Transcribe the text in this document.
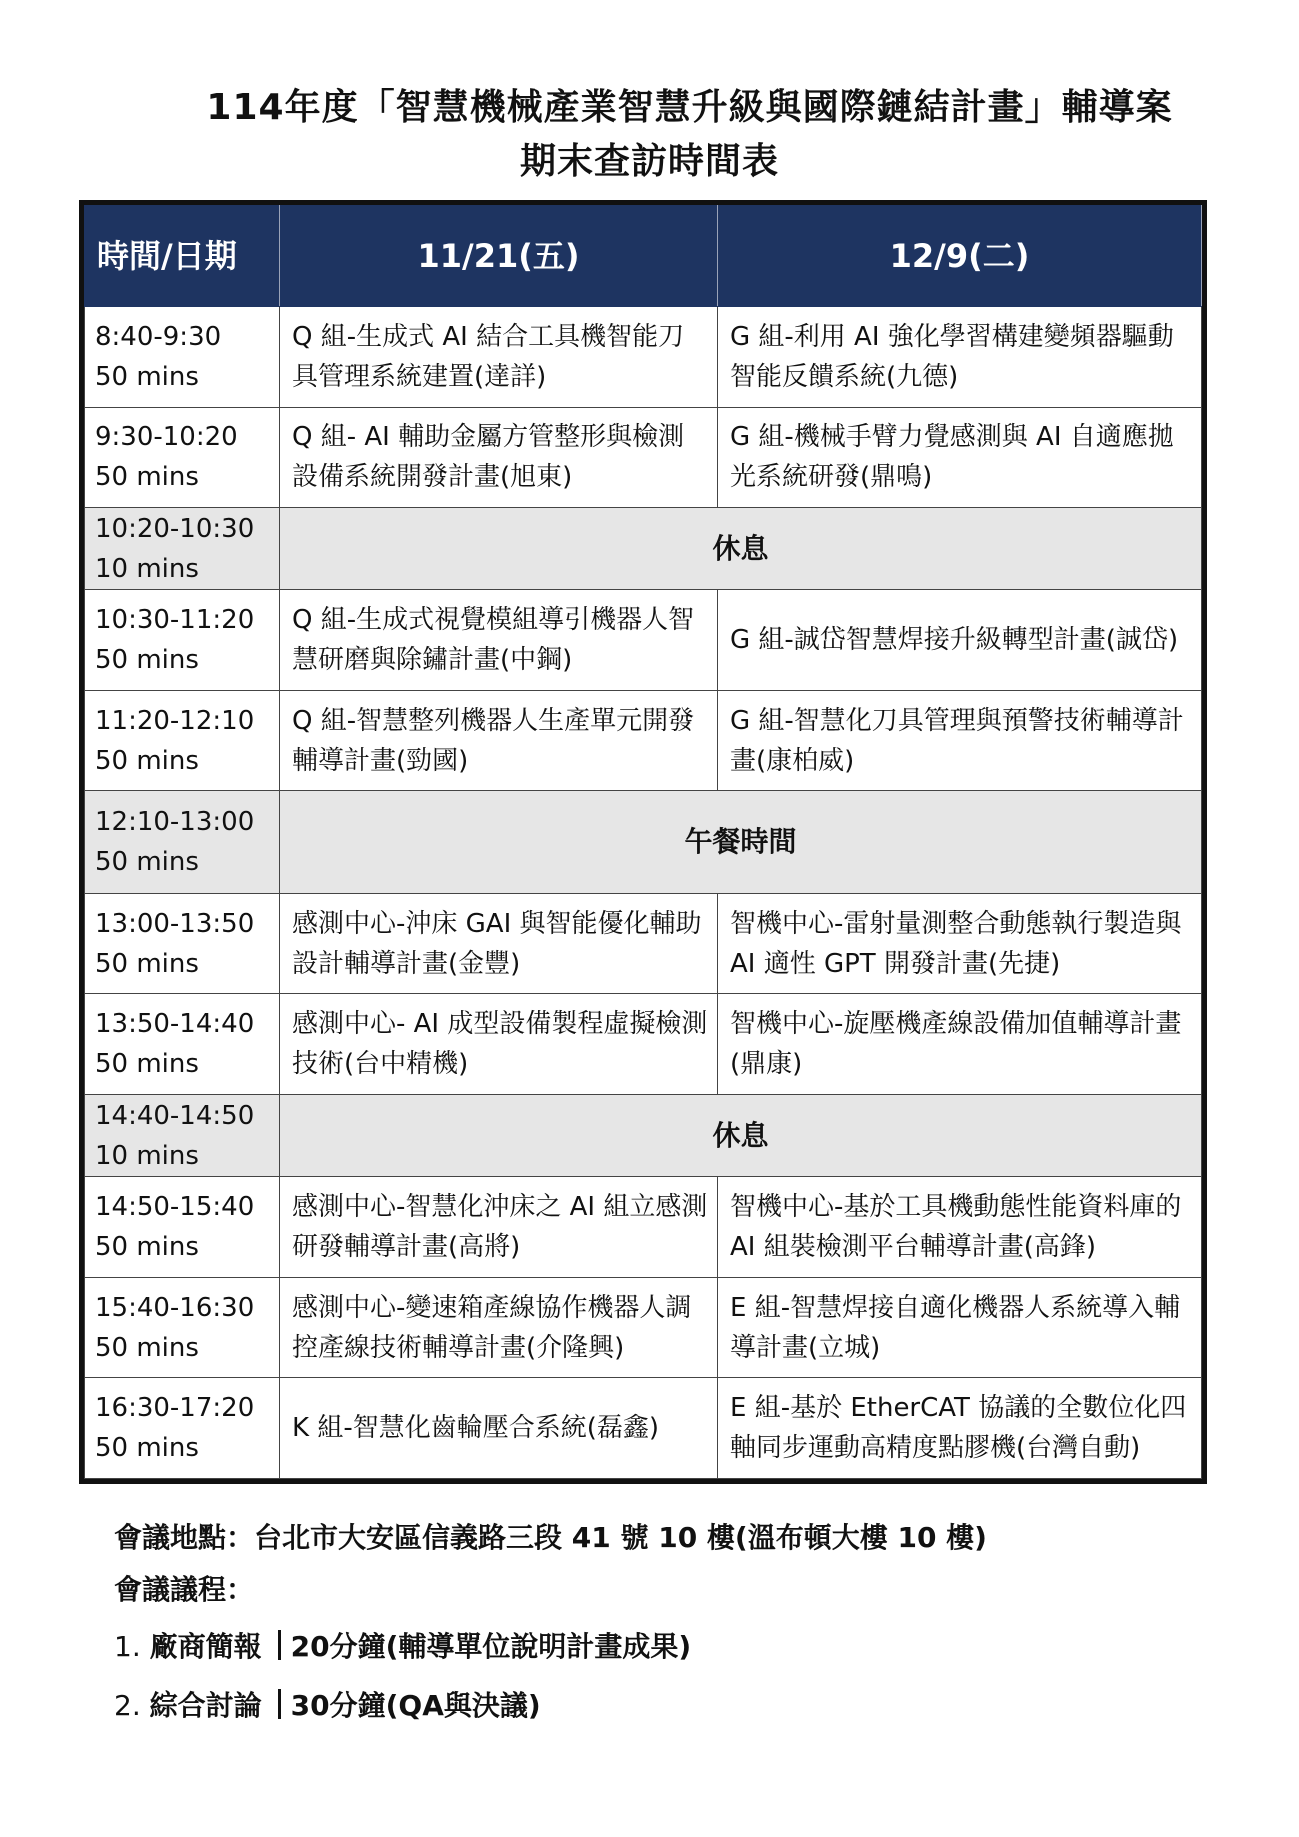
114年度「智慧機械產業智慧升級與國際鏈結計畫」輔導案
期末查訪時間表
時間/日期	11/21(五)	12/9(二)

8:40-9:30
50 mins	Q 組-生成式 AI 結合工具機智能刀具管理系統建置(達詳)	G 組-利用 AI 強化學習構建變頻器驅動智能反饋系統(九德)

9:30-10:20
50 mins	Q 組- AI 輔助金屬方管整形與檢測設備系統開發計畫(旭東)	G 組-機械手臂力覺感測與 AI 自適應拋光系統研發(鼎鳴)

10:20-10:30
10 mins	休息	

10:30-11:20
50 mins	Q 組-生成式視覺模組導引機器人智慧研磨與除鏽計畫(中鋼)	G 組-誠岱智慧焊接升級轉型計畫(誠岱)

11:20-12:10
50 mins	Q 組-智慧整列機器人生產單元開發輔導計畫(勁國)	G 組-智慧化刀具管理與預警技術輔導計畫(康柏威)

12:10-13:00
50 mins	午餐時間	

13:00-13:50
50 mins	感測中心-沖床 GAI 與智能優化輔助設計輔導計畫(金豐)	智機中心-雷射量測整合動態執行製造與 AI 適性 GPT 開發計畫(先捷)

13:50-14:40
50 mins	感測中心- AI 成型設備製程虛擬檢測技術(台中精機)	智機中心-旋壓機產線設備加值輔導計畫(鼎康)

14:40-14:50
10 mins	休息	

14:50-15:40
50 mins	感測中心-智慧化沖床之 AI 組立感測研發輔導計畫(高將)	智機中心-基於工具機動態性能資料庫的 AI 組裝檢測平台輔導計畫(高鋒)

15:40-16:30
50 mins	感測中心-變速箱產線協作機器人調控產線技術輔導計畫(介隆興)	E 組-智慧焊接自適化機器人系統導入輔導計畫(立城)

16:30-17:20
50 mins	K 組-智慧化齒輪壓合系統(磊鑫)	E 組-基於 EtherCAT 協議的全數位化四軸同步運動高精度點膠機(台灣自動)
會議地點：台北市大安區信義路三段 41 號 10 樓(溫布頓大樓 10 樓)
會議議程：
1. 廠商簡報 20分鐘(輔導單位說明計畫成果)
2. 綜合討論 30分鐘(QA與決議)
